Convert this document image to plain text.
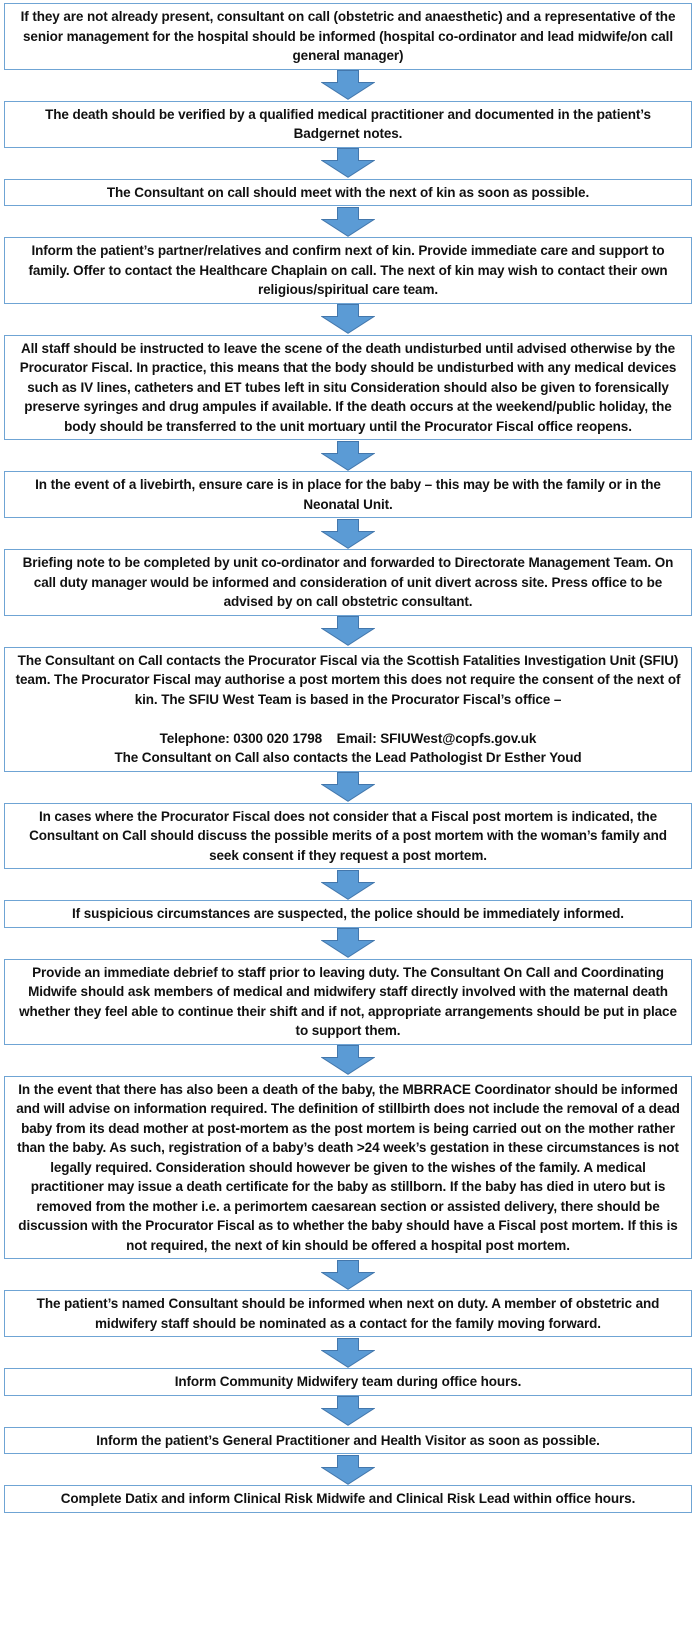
If they are not already present, consultant on call (obstetric and anaesthetic) and a representative of the senior management for the hospital should be informed (hospital co-ordinator and lead midwife/on call general manager)
The death should be verified by a qualified medical practitioner and documented in the patient’s Badgernet notes.
The Consultant on call should meet with the next of kin as soon as possible.
Inform the patient’s partner/relatives and confirm next of kin. Provide immediate care and support to family. Offer to contact the Healthcare Chaplain on call. The next of kin may wish to contact their own religious/spiritual care team.
All staff should be instructed to leave the scene of the death undisturbed until advised otherwise by the Procurator Fiscal. In practice, this means that the body should be undisturbed with any medical devices such as IV lines, catheters and ET tubes left in situ Consideration should also be given to forensically preserve syringes and drug ampules if available. If the death occurs at the weekend/public holiday, the body should be transferred to the unit mortuary until the Procurator Fiscal office reopens.
In the event of a livebirth, ensure care is in place for the baby – this may be with the family or in the Neonatal Unit.
Briefing note to be completed by unit co-ordinator and forwarded to Directorate Management Team. On call duty manager would be informed and consideration of unit divert across site. Press office to be advised by on call obstetric consultant.
The Consultant on Call contacts the Procurator Fiscal via the Scottish Fatalities Investigation Unit (SFIU) team. The Procurator Fiscal may authorise a post mortem this does not require the consent of the next of kin. The SFIU West Team is based in the Procurator Fiscal’s office –
Telephone: 0300 020 1798    Email: SFIUWest@copfs.gov.uk
The Consultant on Call also contacts the Lead Pathologist Dr Esther Youd
In cases where the Procurator Fiscal does not consider that a Fiscal post mortem is indicated, the Consultant on Call should discuss the possible merits of a post mortem with the woman’s family and seek consent if they request a post mortem.
If suspicious circumstances are suspected, the police should be immediately informed.
Provide an immediate debrief to staff prior to leaving duty. The Consultant On Call and Coordinating Midwife should ask members of medical and midwifery staff directly involved with the maternal death whether they feel able to continue their shift and if not, appropriate arrangements should be put in place to support them.
In the event that there has also been a death of the baby, the MBRRACE Coordinator should be informed and will advise on information required. The definition of stillbirth does not include the removal of a dead baby from its dead mother at post-mortem as the post mortem is being carried out on the mother rather than the baby. As such, registration of a baby’s death >24 week’s gestation in these circumstances is not legally required. Consideration should however be given to the wishes of the family. A medical practitioner may issue a death certificate for the baby as stillborn. If the baby has died in utero but is removed from the mother i.e. a perimortem caesarean section or assisted delivery, there should be discussion with the Procurator Fiscal as to whether the baby should have a Fiscal post mortem. If this is not required, the next of kin should be offered a hospital post mortem.
The patient’s named Consultant should be informed when next on duty. A member of obstetric and midwifery staff should be nominated as a contact for the family moving forward.
Inform Community Midwifery team during office hours.
Inform the patient’s General Practitioner and Health Visitor as soon as possible.
Complete Datix and inform Clinical Risk Midwife and Clinical Risk Lead within office hours.
